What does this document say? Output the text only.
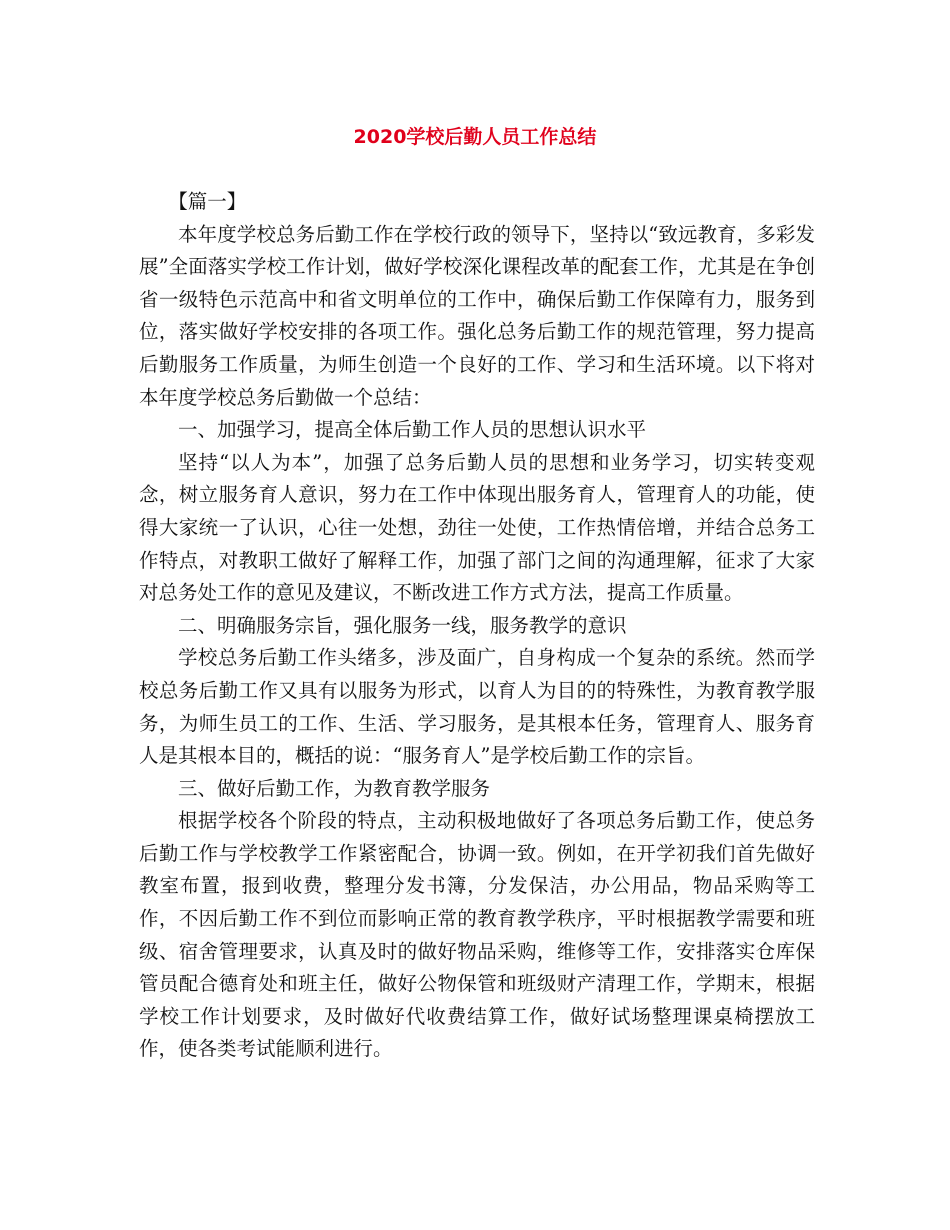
2020学校后勤人员工作总结

【篇一】

本年度学校总务后勤工作在学校行政的领导下，坚持以“致远教育，多彩发展”全面落实学校工作计划，做好学校深化课程改革的配套工作，尤其是在争创省一级特色示范高中和省文明单位的工作中，确保后勤工作保障有力，服务到位，落实做好学校安排的各项工作。强化总务后勤工作的规范管理，努力提高后勤服务工作质量，为师生创造一个良好的工作、学习和生活环境。以下将对本年度学校总务后勤做一个总结：

一、加强学习，提高全体后勤工作人员的思想认识水平

坚持“以人为本”，加强了总务后勤人员的思想和业务学习，切实转变观念，树立服务育人意识，努力在工作中体现出服务育人，管理育人的功能，使得大家统一了认识，心往一处想，劲往一处使，工作热情倍增，并结合总务工作特点，对教职工做好了解释工作，加强了部门之间的沟通理解，征求了大家对总务处工作的意见及建议，不断改进工作方式方法，提高工作质量。

二、明确服务宗旨，强化服务一线，服务教学的意识

学校总务后勤工作头绪多，涉及面广，自身构成一个复杂的系统。然而学校总务后勤工作又具有以服务为形式，以育人为目的的特殊性，为教育教学服务，为师生员工的工作、生活、学习服务，是其根本任务，管理育人、服务育人是其根本目的，概括的说：“服务育人”是学校后勤工作的宗旨。

三、做好后勤工作，为教育教学服务

根据学校各个阶段的特点，主动积极地做好了各项总务后勤工作，使总务后勤工作与学校教学工作紧密配合，协调一致。例如，在开学初我们首先做好教室布置，报到收费，整理分发书簿，分发保洁，办公用品，物品采购等工作，不因后勤工作不到位而影响正常的教育教学秩序，平时根据教学需要和班级、宿舍管理要求，认真及时的做好物品采购，维修等工作，安排落实仓库保管员配合德育处和班主任，做好公物保管和班级财产清理工作，学期末，根据学校工作计划要求，及时做好代收费结算工作，做好试场整理课桌椅摆放工作，使各类考试能顺利进行。
